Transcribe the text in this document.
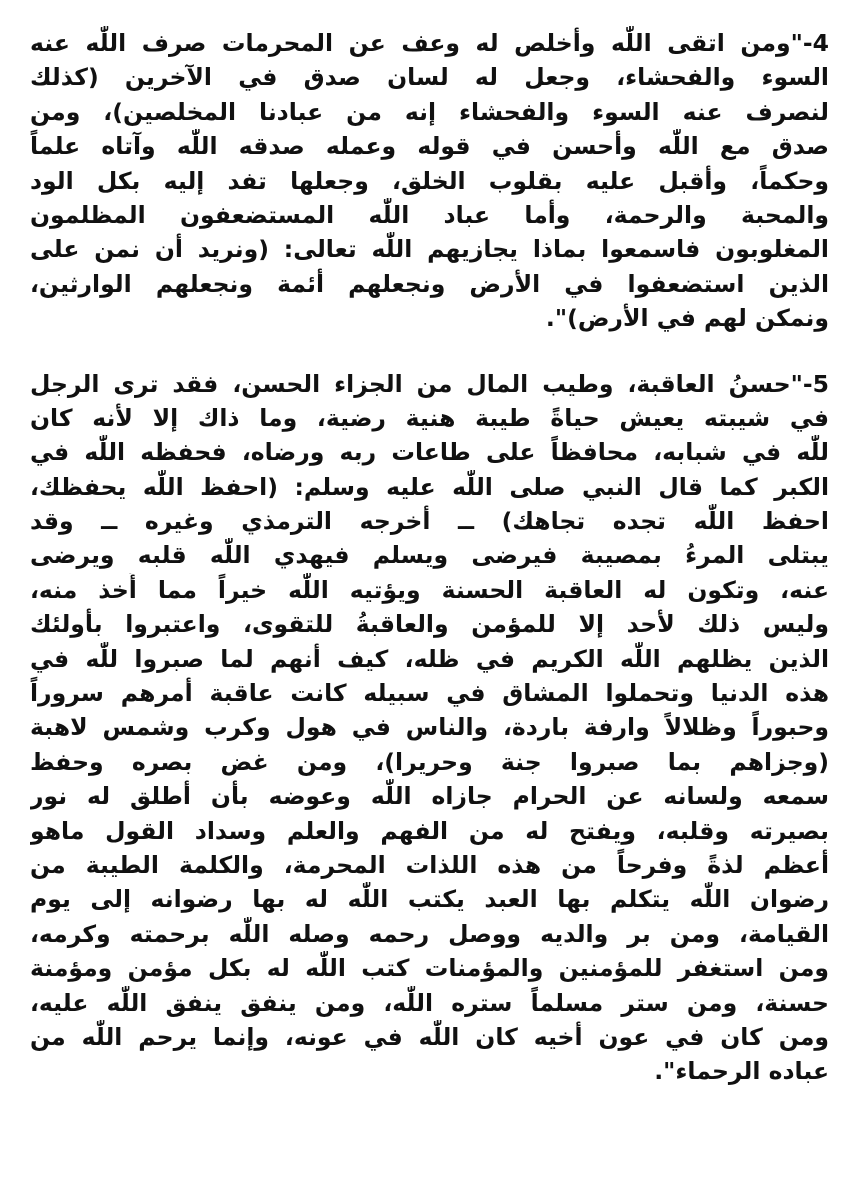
4-"ومن اتقى اللّٰه وأخلص له وعف عن المحرمات صرف اللّٰه عنه
السوء والفحشاء، وجعل له لسان صدق في الآخرين (كذلك
لنصرف عنه السوء والفحشاء إنه من عبادنا المخلصين)، ومن
صدق مع اللّٰه وأحسن في قوله وعمله صدقه اللّٰه وآتاه علماً
وحكماً، وأقبل عليه بقلوب الخلق، وجعلها تفد إليه بكل الود
والمحبة والرحمة، وأما عباد اللّٰه المستضعفون المظلمون
المغلوبون فاسمعوا بماذا يجازيهم اللّٰه تعالى: (ونريد أن نمن على
الذين استضعفوا في الأرض ونجعلهم أئمة ونجعلهم الوارثين،
ونمكن لهم في الأرض)".
5-"حسنُ العاقبة، وطيب المال من الجزاء الحسن، فقد ترى الرجل
في شيبته يعيش حياةً طيبة هنية رضية، وما ذاك إلا لأنه كان
للّٰه في شبابه، محافظاً على طاعات ربه ورضاه، فحفظه اللّٰه في
الكبر كما قال النبي صلى اللّٰه عليه وسلم: (احفظ اللّٰه يحفظك،
احفظ اللّٰه تجده تجاهك) ــ أخرجه الترمذي وغيره ــ وقد
يبتلى المرءُ بمصيبة فيرضى ويسلم فيهدي اللّٰه قلبه ويرضى
عنه، وتكون له العاقبة الحسنة ويؤتيه اللّٰه خيراً مما أُخذ منه،
وليس ذلك لأحد إلا للمؤمن والعاقبةُ للتقوى، واعتبروا بأولئك
الذين يظلهم اللّٰه الكريم في ظله، كيف أنهم لما صبروا للّٰه في
هذه الدنيا وتحملوا المشاق في سبيله كانت عاقبة أمرهم سروراً
وحبوراً وظلالاً وارفة باردة، والناس في هول وكرب وشمس لاهبة
(وجزاهم بما صبروا جنة وحريرا)، ومن غض بصره وحفظ
سمعه ولسانه عن الحرام جازاه اللّٰه وعوضه بأن أطلق له نور
بصيرته وقلبه، ويفتح له من الفهم والعلم وسداد القول ماهو
أعظم لذةً وفرحاً من هذه اللذات المحرمة، والكلمة الطيبة من
رضوان اللّٰه يتكلم بها العبد يكتب اللّٰه له بها رضوانه إلى يوم
القيامة، ومن بر والديه ووصل رحمه وصله اللّٰه برحمته وكرمه،
ومن استغفر للمؤمنين والمؤمنات كتب اللّٰه له بكل مؤمن ومؤمنة
حسنة، ومن ستر مسلماً ستره اللّٰه، ومن ينفق ينفق اللّٰه عليه،
ومن كان في عون أخيه كان اللّٰه في عونه، وإنما يرحم اللّٰه من
عباده الرحماء".
